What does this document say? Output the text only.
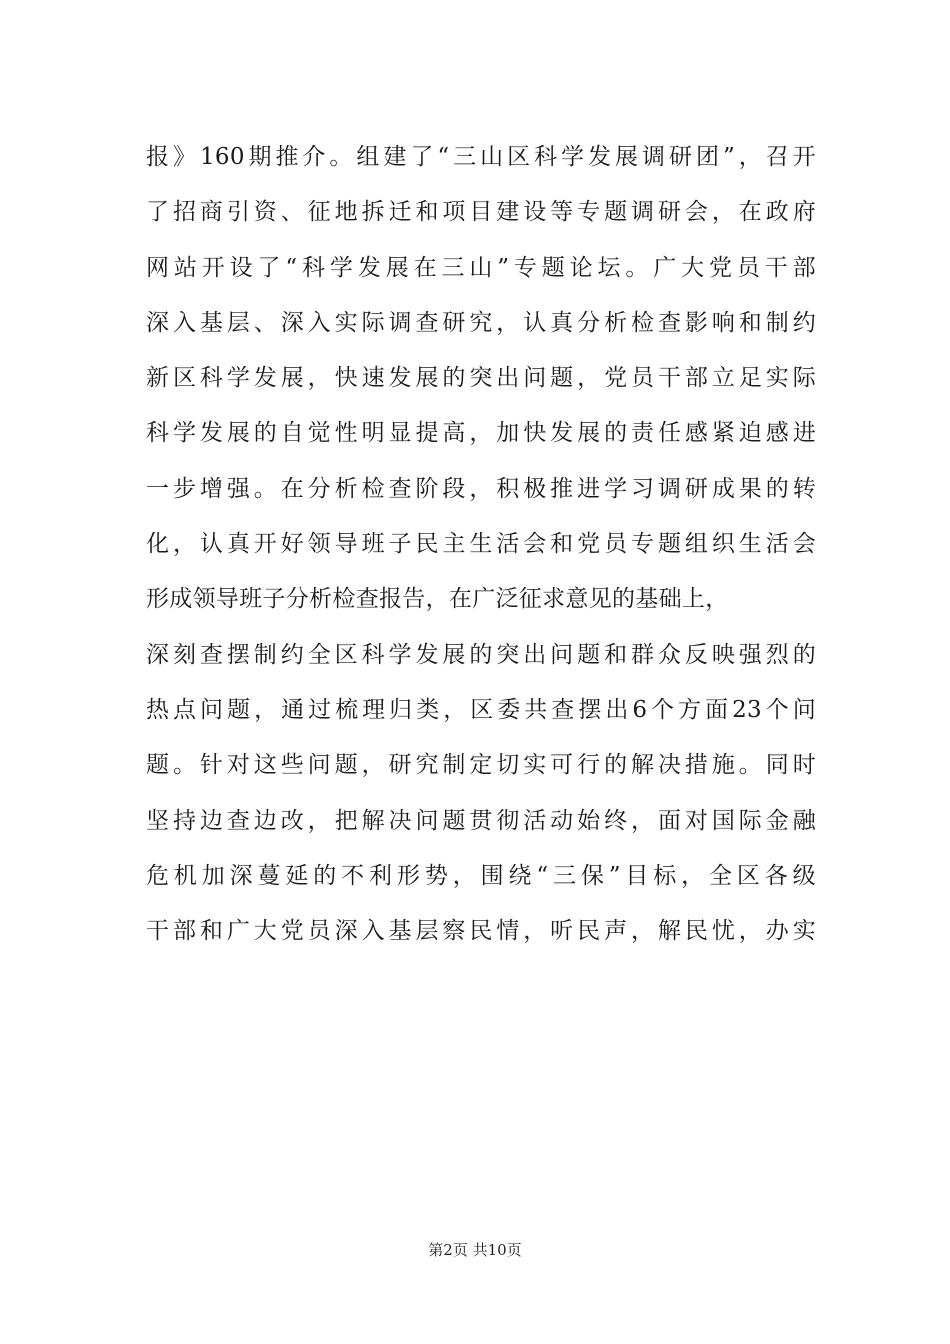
报》160期推介。组建了“三山区科学发展调研团”，召开
了招商引资、征地拆迁和项目建设等专题调研会，在政府
网站开设了“科学发展在三山”专题论坛。广大党员干部
深入基层、深入实际调查研究，认真分析检查影响和制约
新区科学发展，快速发展的突出问题，党员干部立足实际
科学发展的自觉性明显提高，加快发展的责任感紧迫感进
一步增强。在分析检查阶段，积极推进学习调研成果的转
化，认真开好领导班子民主生活会和党员专题组织生活会
形成领导班子分析检查报告，在广泛征求意见的基础上，
深刻查摆制约全区科学发展的突出问题和群众反映强烈的
热点问题，通过梳理归类，区委共查摆出6个方面23个问
题。针对这些问题，研究制定切实可行的解决措施。同时
坚持边查边改，把解决问题贯彻活动始终，面对国际金融
危机加深蔓延的不利形势，围绕“三保”目标，全区各级
干部和广大党员深入基层察民情，听民声，解民忧，办实
第2页 共10页
